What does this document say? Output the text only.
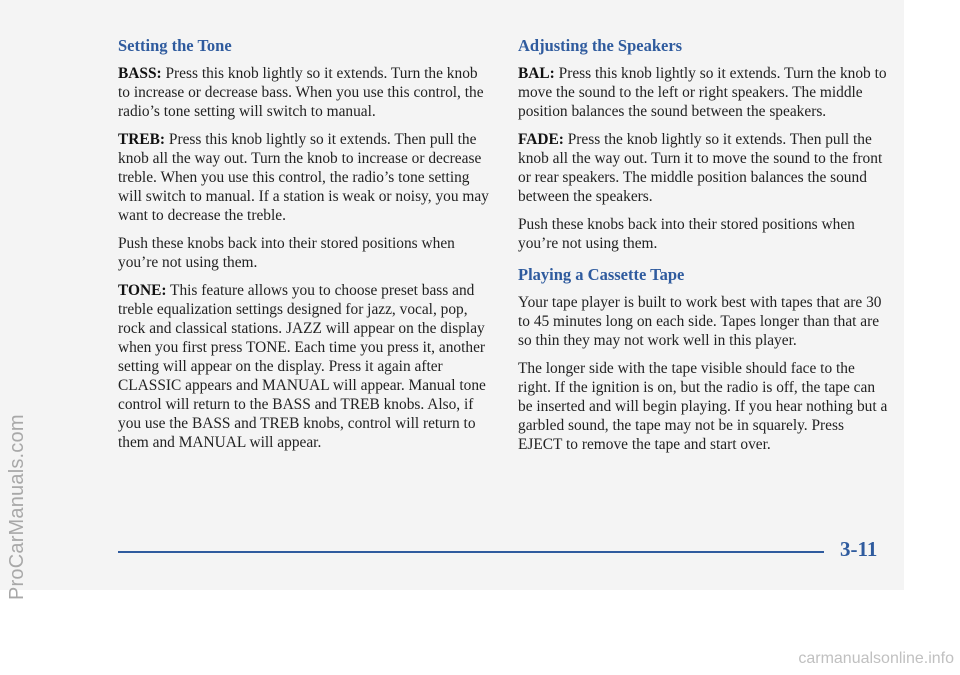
ProCarManuals.com
Setting the Tone

BASS: Press this knob lightly so it extends. Turn the knob to increase or decrease bass. When you use this control, the radio’s tone setting will switch to manual.

TREB: Press this knob lightly so it extends. Then pull the knob all the way out. Turn the knob to increase or decrease treble. When you use this control, the radio’s tone setting will switch to manual. If a station is weak or noisy, you may want to decrease the treble.

Push these knobs back into their stored positions when you’re not using them.

TONE: This feature allows you to choose preset bass and treble equalization settings designed for jazz, vocal, pop, rock and classical stations. JAZZ will appear on the display when you first press TONE. Each time you press it, another setting will appear on the display. Press it again after CLASSIC appears and MANUAL will appear. Manual tone control will return to the BASS and TREB knobs. Also, if you use the BASS and TREB knobs, control will return to them and MANUAL will appear.

Adjusting the Speakers

BAL: Press this knob lightly so it extends. Turn the knob to move the sound to the left or right speakers. The middle position balances the sound between the speakers.

FADE: Press the knob lightly so it extends. Then pull the knob all the way out. Turn it to move the sound to the front or rear speakers. The middle position balances the sound between the speakers.

Push these knobs back into their stored positions when you’re not using them.

Playing a Cassette Tape

Your tape player is built to work best with tapes that are 30 to 45 minutes long on each side. Tapes longer than that are so thin they may not work well in this player.

The longer side with the tape visible should face to the right. If the ignition is on, but the radio is off, the tape can be inserted and will begin playing. If you hear nothing but a garbled sound, the tape may not be in squarely. Press EJECT to remove the tape and start over.

3-11
carmanualsonline.info
